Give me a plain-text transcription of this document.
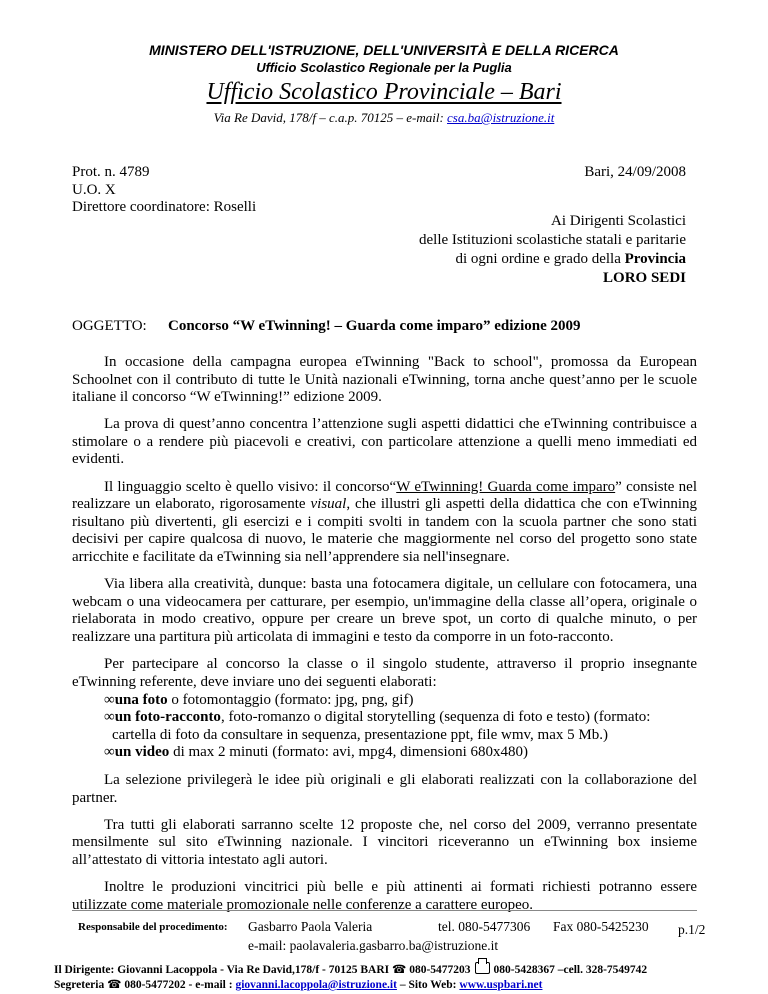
MINISTERO DELL'ISTRUZIONE, DELL'UNIVERSITÀ E DELLA RICERCA
Ufficio Scolastico Regionale per la Puglia
Ufficio Scolastico Provinciale – Bari
Via Re David, 178/f – c.a.p. 70125 – e-mail: csa.ba@istruzione.it
Prot. n. 4789
U.O. X
Direttore coordinatore: Roselli
Bari, 24/09/2008
Ai Dirigenti Scolastici
delle Istituzioni scolastiche statali e paritarie
di ogni ordine e grado della Provincia
LORO SEDI
OGGETTO: Concorso “W eTwinning! – Guarda come imparo” edizione 2009

In occasione della campagna europea eTwinning "Back to school", promossa da European Schoolnet con il contributo di tutte le Unità nazionali eTwinning, torna anche quest’anno per le scuole italiane il concorso “W eTwinning!” edizione 2009.

La prova di quest’anno concentra l’attenzione sugli aspetti didattici che eTwinning contribuisce a stimolare o a rendere più piacevoli e creativi, con particolare attenzione a quelli meno immediati ed evidenti.

Il linguaggio scelto è quello visivo: il concorso“W eTwinning! Guarda come imparo” consiste nel realizzare un elaborato, rigorosamente visual, che illustri gli aspetti della didattica che con eTwinning risultano più divertenti, gli esercizi e i compiti svolti in tandem con la scuola partner che sono stati decisivi per capire qualcosa di nuovo, le materie che maggiormente nel corso del progetto sono state arricchite e facilitate da eTwinning sia nell’apprendere sia nell'insegnare.

Via libera alla creatività, dunque: basta una fotocamera digitale, un cellulare con fotocamera, una webcam o una videocamera per catturare, per esempio, un'immagine della classe all’opera, originale o rielaborata in modo creativo, oppure per creare un breve spot, un corto di qualche minuto, o per realizzare una partitura più articolata di immagini e testo da comporre in un foto-racconto.

Per partecipare al concorso la classe o il singolo studente, attraverso il proprio insegnante eTwinning referente, deve inviare uno dei seguenti elaborati:

∞una foto o fotomontaggio (formato: jpg, png, gif)
∞un foto-racconto, foto-romanzo o digital storytelling (sequenza di foto e testo) (formato:
cartella di foto da consultare in sequenza, presentazione ppt, file wmv, max 5 Mb.)
∞un video di max 2 minuti (formato: avi, mpg4, dimensioni 680x480)

La selezione privilegerà le idee più originali e gli elaborati realizzati con la collaborazione del partner.

Tra tutti gli elaborati sarranno scelte 12 proposte che, nel corso del 2009, verranno presentate mensilmente sul sito eTwinning nazionale. I vincitori riceveranno un eTwinning box insieme all’attestato di vittoria intestato agli autori.

Inoltre le produzioni vincitrici più belle e più attinenti ai formati richiesti potranno essere utilizzate come materiale promozionale nelle conferenze a carattere europeo.

Responsabile del procedimento: Gasbarro Paola Valeria	tel. 080-5477306 Fax 080-5425230 p.1/2
e-mail: paolavaleria.gasbarro.ba@istruzione.it
Il Dirigente: Giovanni Lacoppola - Via Re David,178/f - 70125 BARI ☎ 080-5477203 080-5428367 –cell. 328-7549742
Segreteria ☎ 080-5477202 - e-mail : giovanni.lacoppola@istruzione.it – Sito Web: www.uspbari.net
